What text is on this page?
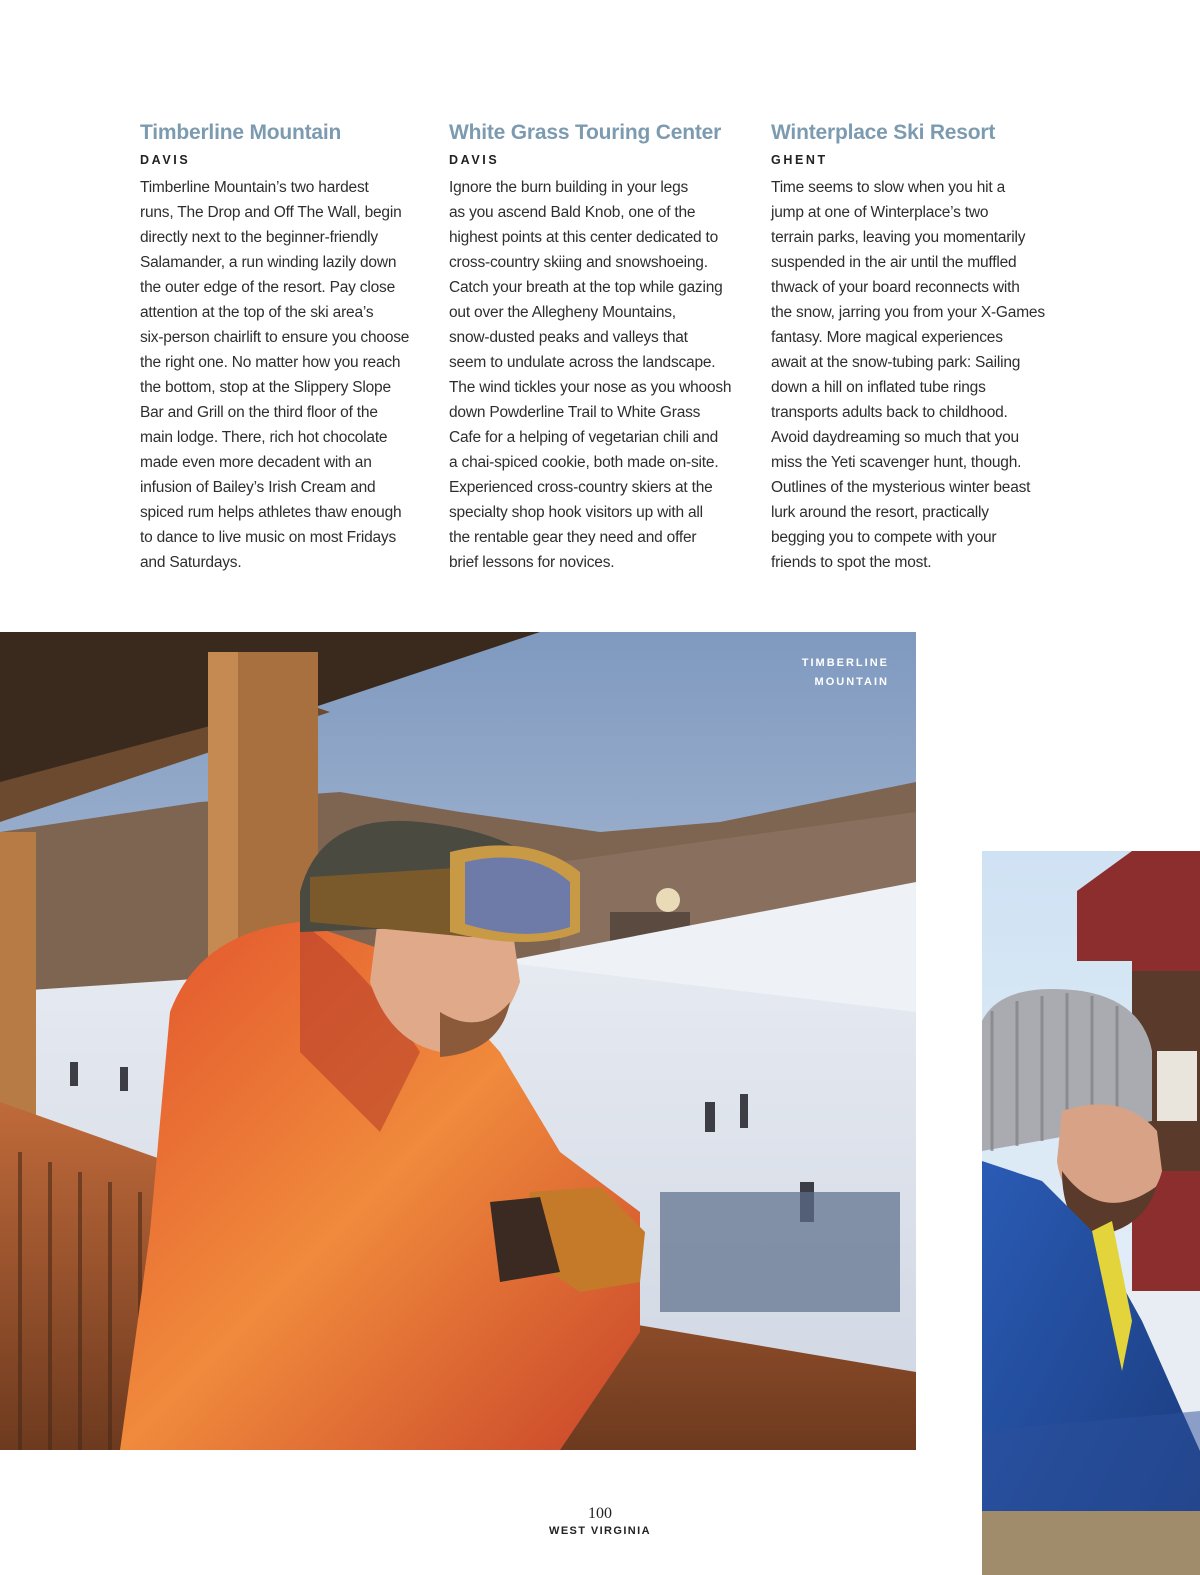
Timberline Mountain
DAVIS

Timberline Mountain’s two hardest
runs, The Drop and Off The Wall, begin
directly next to the beginner-friendly
Salamander, a run winding lazily down
the outer edge of the resort. Pay close
attention at the top of the ski area’s
six-person chairlift to ensure you choose
the right one. No matter how you reach
the bottom, stop at the Slippery Slope
Bar and Grill on the third floor of the
main lodge. There, rich hot chocolate
made even more decadent with an
infusion of Bailey’s Irish Cream and
spiced rum helps athletes thaw enough
to dance to live music on most Fridays
and Saturdays.

White Grass Touring Center
DAVIS

Ignore the burn building in your legs
as you ascend Bald Knob, one of the
highest points at this center dedicated to
cross-country skiing and snowshoeing.
Catch your breath at the top while gazing
out over the Allegheny Mountains,
snow-dusted peaks and valleys that
seem to undulate across the landscape.
The wind tickles your nose as you whoosh
down Powderline Trail to White Grass
Cafe for a helping of vegetarian chili and
a chai-spiced cookie, both made on-site.
Experienced cross-country skiers at the
specialty shop hook visitors up with all
the rentable gear they need and offer
brief lessons for novices.

Winterplace Ski Resort
GHENT

Time seems to slow when you hit a
jump at one of Winterplace’s two
terrain parks, leaving you momentarily
suspended in the air until the muffled
thwack of your board reconnects with
the snow, jarring you from your X-Games
fantasy. More magical experiences
await at the snow-tubing park: Sailing
down a hill on inflated tube rings
transports adults back to childhood.
Avoid daydreaming so much that you
miss the Yeti scavenger hunt, though.
Outlines of the mysterious winter beast
lurk around the resort, practically
begging you to compete with your
friends to spot the most.

TIMBERLINE
MOUNTAIN
100
WEST VIRGINIA
